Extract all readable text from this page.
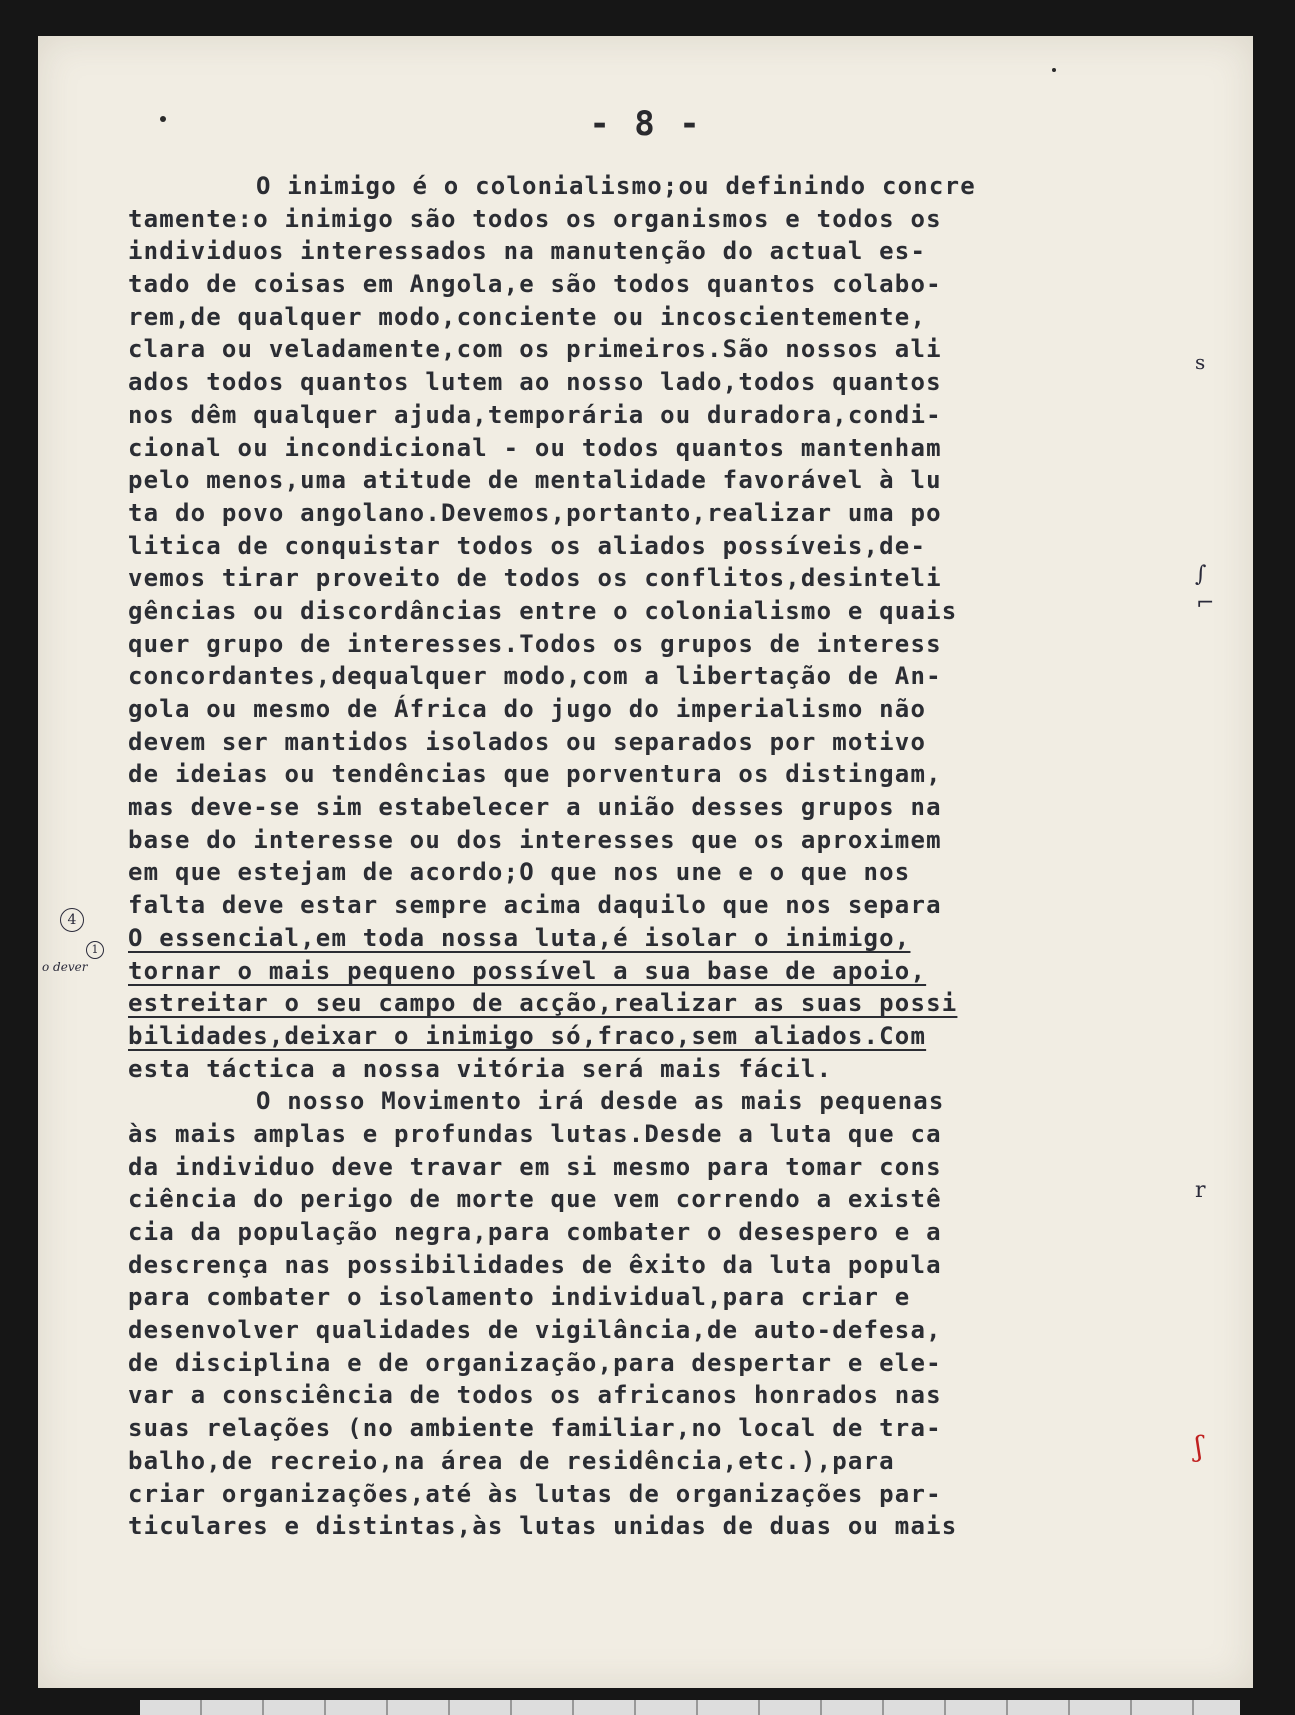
- 8 -
O inimigo é o colonialismo;ou definindo concre
tamente:o inimigo são todos os organismos e todos os
individuos interessados na manutenção do actual es-
tado de coisas em Angola,e são todos quantos colabo-
rem,de qualquer modo,conciente ou incoscientemente,
clara ou veladamente,com os primeiros.São nossos ali
ados todos quantos lutem ao nosso lado,todos quantos
nos dêm qualquer ajuda,temporária ou duradora,condi-
cional ou incondicional - ou todos quantos mantenham
pelo menos,uma atitude de mentalidade favorável à lu
ta do povo angolano.Devemos,portanto,realizar uma po
litica de conquistar todos os aliados possíveis,de-
vemos tirar proveito de todos os conflitos,desinteli
gências ou discordâncias entre o colonialismo e quais
quer grupo de interesses.Todos os grupos de interess
concordantes,dequalquer modo,com a libertação de An-
gola ou mesmo de África do jugo do imperialismo não
devem ser mantidos isolados ou separados por motivo
de ideias ou tendências que porventura os distingam,
mas deve-se sim estabelecer a união desses grupos na
base do interesse ou dos interesses que os aproximem
em que estejam de acordo;O que nos une e o que nos
falta deve estar sempre acima daquilo que nos separa
O essencial,em toda nossa luta,é isolar o inimigo,
tornar o mais pequeno possível a sua base de apoio,
estreitar o seu campo de acção,realizar as suas possi
bilidades,deixar o inimigo só,fraco,sem aliados.Com
esta táctica a nossa vitória será mais fácil.
O nosso Movimento irá desde as mais pequenas
às mais amplas e profundas lutas.Desde a luta que ca
da individuo deve travar em si mesmo para tomar cons
ciência do perigo de morte que vem correndo a existê
cia da população negra,para combater o desespero e a
descrença nas possibilidades de êxito da luta popula
para combater o isolamento individual,para criar e
desenvolver qualidades de vigilância,de auto-defesa,
de disciplina e de organização,para despertar e ele-
var a consciência de todos os africanos honrados nas
suas relações (no ambiente familiar,no local de tra-
balho,de recreio,na área de residência,etc.),para
criar organizações,até às lutas de organizações par-
ticulares e distintas,às lutas unidas de duas ou mais
s
∫
⌐
r
ʃ
4
1
o dever
